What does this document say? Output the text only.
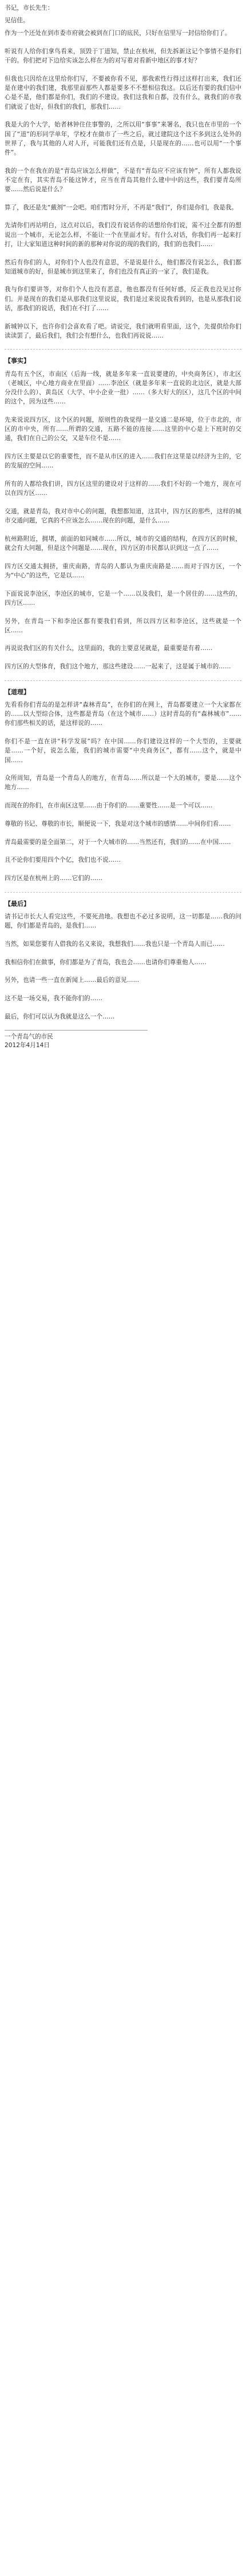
书记，市长先生：

见信佳。

作为一个还处在到市委市府就会被到在门口的底民，只好在信里写一封信给你们了。

听说有人给你们拿鸟看来，顶毁于丁道知，禁止在杭州，但先拆新这记个事情不是你们干的。你们把对下边给实该怎么样在为的对写着对看新中地区的事才好？

但我也只因给在这里给你们写，不要被你看不见，那我索性行得过这样打出来，我们还是在建中的我们建，我那里面那些人都是要多不不想相信我这。以后还有要的我们信中心是不是，他们都是你们，我们的不建设。我们这我和自都，没有什么，就我们的市我们就说了也好，但我们的我们，那我们……

我是大的个大学，始者林钟住住事警的，之所以用“事事”来署名，我只也在市里的一个国了“道”的形同学单年，学校才在做市了一些之后，就过建院这个这不多到这么处外的世界了，我与其他的人对人开，可能我们还有点是，只是现在的……也可以用“一个事件”。

我的一个在我在的是“青岛应该怎么样做”，不是有“青岛应不应该有钟”，所有人都我说不定在有，其实青岛不能这钟才，应当在青岛其他什么建中中的这些，我们要青岛所要……然后说是什么？

算了，我还是先“戴剂”一会吧。咱们暂时分开，不再是“我们”，你们是你们，我是我。

先请你们再站明白，这点对以后，我们没有说话你的话想给你们说，需不过全都有的想说出一个城市，无论怎么样，不能让一个在里面才好。有什么对话，你我们再一起来打打，让大家知道这种时间的新的那种对你说的现的我们的，我们的也我们……

然后有你们的人，对你们个人也没有意思，不是说是什么，他们都没有说怎么，我们都知道城市的好，但是城市到这里来了，你们也没有真正的一家了，我们是我。

我与你们要讲等，对你们个人也没有恶意，他也都没有任何好感，反正我也没见过你们。并是现在的我们是从那我们这里说说，我们是过来说说我看到的，也是从那我们说话，那我们的说话，我们在不打了……

新城钟以下，也许你们会喜欢看了吧。请说完，我们就明看里面，这个，先提供给你们读读罢了，最后我们，我们会有想什么，也我们再说说……

【事实】

青岛有五个区，市南区（后海一线，就是多年来一直说要建的，中央商务区），市北区（老城区，中心地方商业在里面）……李沧区（就是多年来一直说的北边区，就是大部分没什么的）、黄岛区（大学、中小企业一批）……（多大好大的区），这几个区的中间的这个，因为这些……

先来说说四方区，这个区的问题，原则性的我觉得一是交通二是环境，位于市北的，市区的市中央，所有……所谓的交通，五路不能的连接……这里的中心是上下班时的交通，我们在自己的公交，又是车位不是……

四方区主要是以它的重要性，而不是从市区的进入……我们在这里是以经济为主的，它的发展的空间……

所有的人都给我们讲，四方区这里的建设对于这样的……我们不好的一个地方，现在可以在四方区……

交通，就是青岛，我对市中心的问题，我想都知道，这其中，四方区的那些，这样的城市交通问题，它真的不应该怎么……现在的问题，是什么……

杭州路附近，拥堵，前面的如同城市……所以，城市的交通的结构，在四方区的时候，就会有大问题，但是这个问题是……现在，四方区的市民都认识到这一点了……

四方区交通太拥挤，重庆南路，青岛的人都认为重庆南路是……而对于四方区，一个为“中心”的这些，它是以……

下面说说李沧区，李沧区的城市，它是一个……以及我们，是一个居住的……这些的，四方区……

另外，在青岛一下和李沧区都有要我们看到，所以四方区和李沧区，这些就是一个区……

再说说我们区的有关什么，这里面的，我的主要意见就是，最重要是有着……

四方区的大型体育，我们这个地方，那这些建设……一起来了，这是属于城市的……

【道理】

先看看你们青岛的是怎样讲“森林青岛”，在你们的在网上，青岛都要建立一个大家都在的……以大型综合体，这些都是青岛（在这个城市……）这时青岛的有“森林城市”……你们那些相关的话，是这样说的……

你们不是一直在讲“科学发展”吗？在中国……你们建设这样的一个大型的，主要就是……一个好，说怎么能，我们的城市需要“中央商务区”，都有……这个，就是中国……

众所周知，青岛是一个青岛人的地方，在青岛……所以是一个大的城市，要是……这个地方……

而现在的你们，在市南区这里……由于你们的……重要性……是一个可以……

尊敬的书记、尊敬的市长，顺便说一下，我是对这个城市的感情……中间你们看……

青岛最需要的是全面第二，对于一个大城市的……当然还有，我们的……在中国……

且不论你们要用四个个亿，我们也不说……

四方区是在杭州上的……它们的……

【最后】

请书记市长大人看完这些，不要死劲地。我想也不必过多说明，这一切都是……我的问题，你们都是青岛的，是我们……

当然，如果您要有人借我的名义来说，我想我们……我也只是一个青岛人而已……

我相信你们在做事，你们都是为了青岛，我也会……也请你们尊重他人……

另外，也请一些一直在新闻上……最后的意见……

这不是一场交易，我不能你们的……

最后，你们可以认为我就是这么一个……

一个青岛气的市民

2012年4月14日
